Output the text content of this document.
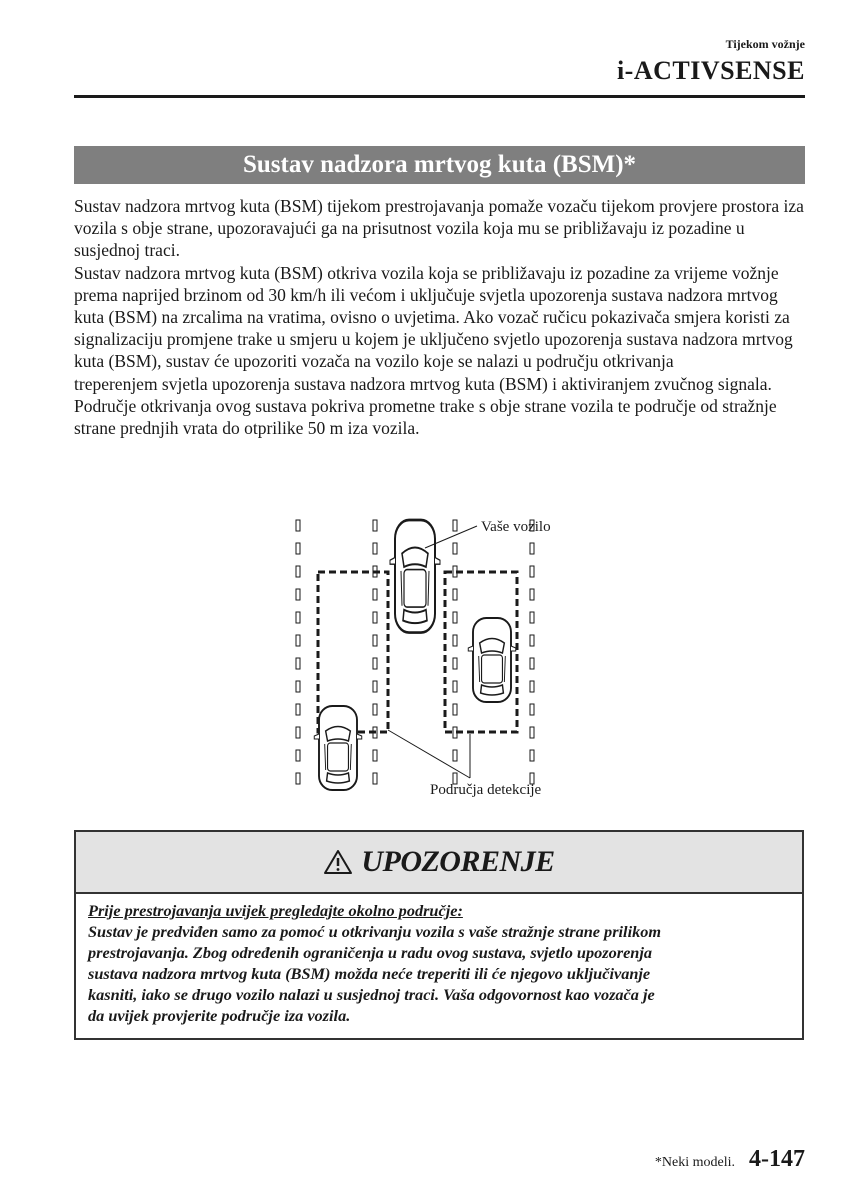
Tijekom vožnje
i-ACTIVSENSE
Sustav nadzora mrtvog kuta (BSM)*

Sustav nadzora mrtvog kuta (BSM) tijekom prestrojavanja pomaže vozaču tijekom provjere prostora iza vozila s obje strane, upozoravajući ga na prisutnost vozila koja mu se približavaju iz pozadine u susjednoj traci.

Sustav nadzora mrtvog kuta (BSM) otkriva vozila koja se približavaju iz pozadine za vrijeme vožnje prema naprijed brzinom od 30 km/h ili većom i uključuje svjetla upozorenja sustava nadzora mrtvog kuta (BSM) na zrcalima na vratima, ovisno o uvjetima. Ako vozač ručicu pokazivača smjera koristi za signalizaciju promjene trake u smjeru u kojem je uključeno svjetlo upozorenja sustava nadzora mrtvog kuta (BSM), sustav će upozoriti vozača na vozilo koje se nalazi u području otkrivanja

treperenjem svjetla upozorenja sustava nadzora mrtvog kuta (BSM) i aktiviranjem zvučnog signala.

Područje otkrivanja ovog sustava pokriva prometne trake s obje strane vozila te područje od stražnje strane prednjih vrata do otprilike 50 m iza vozila.

Vaše vozilo
Područja detekcije
UPOZORENJE

Prije prestrojavanja uvijek pregledajte okolno područje:

Sustav je predviđen samo za pomoć u otkrivanju vozila s vaše stražnje strane prilikom

prestrojavanja. Zbog određenih ograničenja u radu ovog sustava, svjetlo upozorenja

sustava nadzora mrtvog kuta (BSM) možda neće treperiti ili će njegovo uključivanje

kasniti, iako se drugo vozilo nalazi u susjednoj traci. Vaša odgovornost kao vozača je

da uvijek provjerite područje iza vozila.

*Neki modeli. 4-147
